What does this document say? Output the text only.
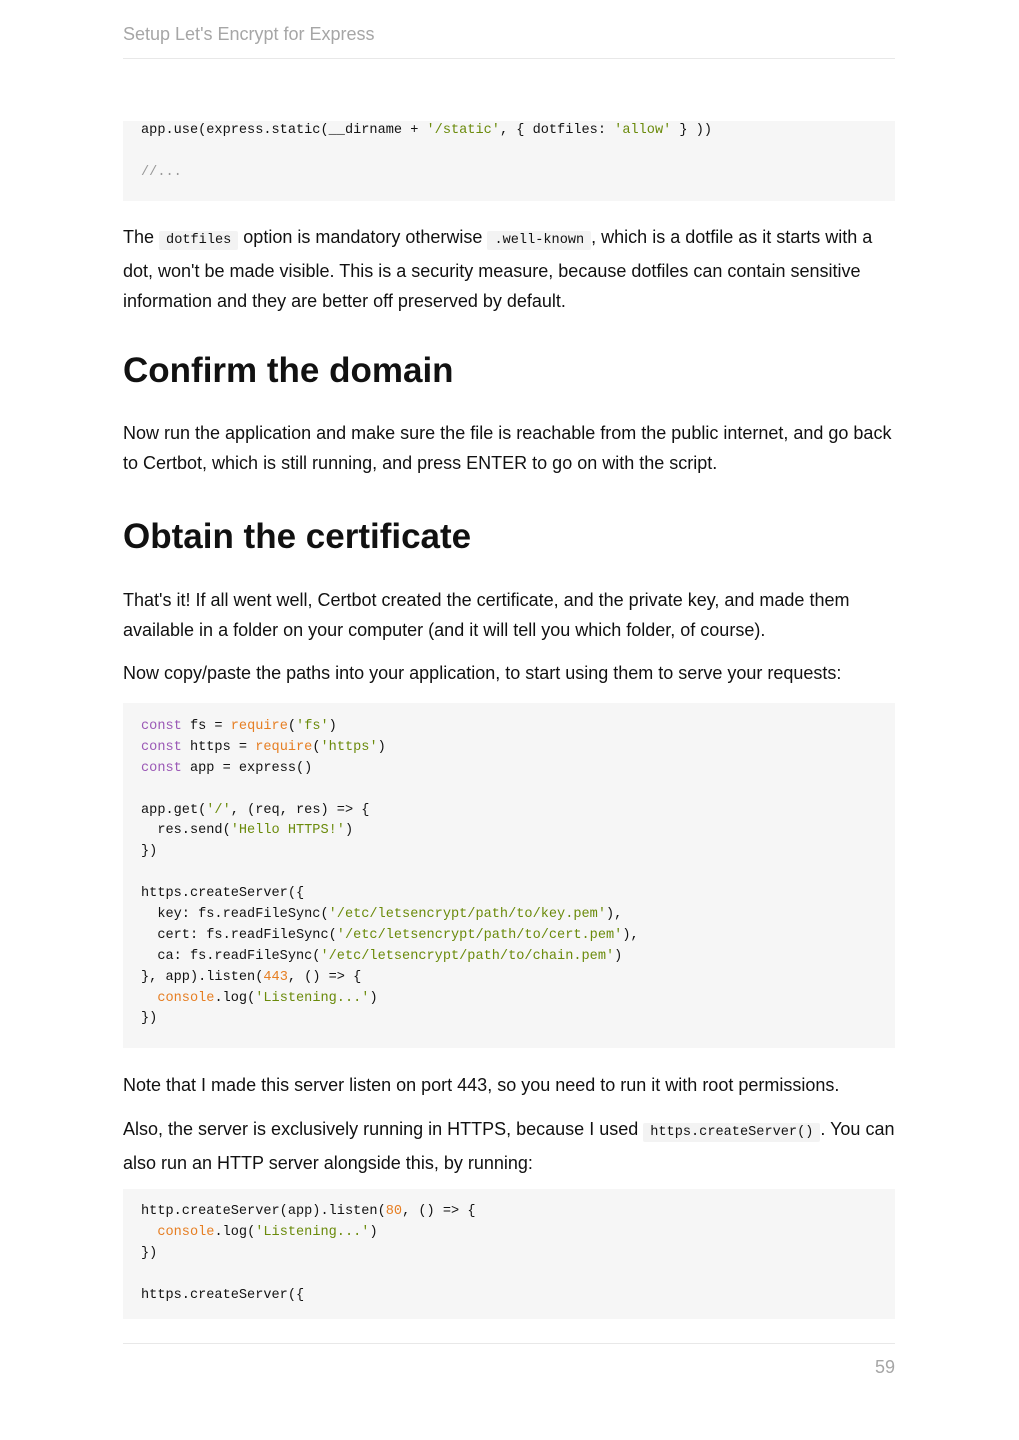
Setup Let's Encrypt for Express
app.use(express.static(__dirname + '/static', { dotfiles: 'allow' } ))
//...

The dotfiles option is mandatory otherwise .well-known , which is a dotfile as it starts with a dot, won't be made visible. This is a security measure, because dotfiles can contain sensitive information and they are better off preserved by default.

Confirm the domain

Now run the application and make sure the file is reachable from the public internet, and go back to Certbot, which is still running, and press ENTER to go on with the script.

Obtain the certificate

That's it! If all went well, Certbot created the certificate, and the private key, and made them available in a folder on your computer (and it will tell you which folder, of course).

Now copy/paste the paths into your application, to start using them to serve your requests:

const fs = require('fs')
const https = require('https')
const app = express()
app.get('/', (req, res) => {
res.send('Hello HTTPS!')
})
https.createServer({
key: fs.readFileSync('/etc/letsencrypt/path/to/key.pem'),
cert: fs.readFileSync('/etc/letsencrypt/path/to/cert.pem'),
ca: fs.readFileSync('/etc/letsencrypt/path/to/chain.pem')
}, app).listen(443, () => {
console.log('Listening...')
})

Note that I made this server listen on port 443, so you need to run it with root permissions.

Also, the server is exclusively running in HTTPS, because I used https.createServer() . You can also run an HTTP server alongside this, by running:

http.createServer(app).listen(80, () => {
console.log('Listening...')
})
https.createServer({
59
